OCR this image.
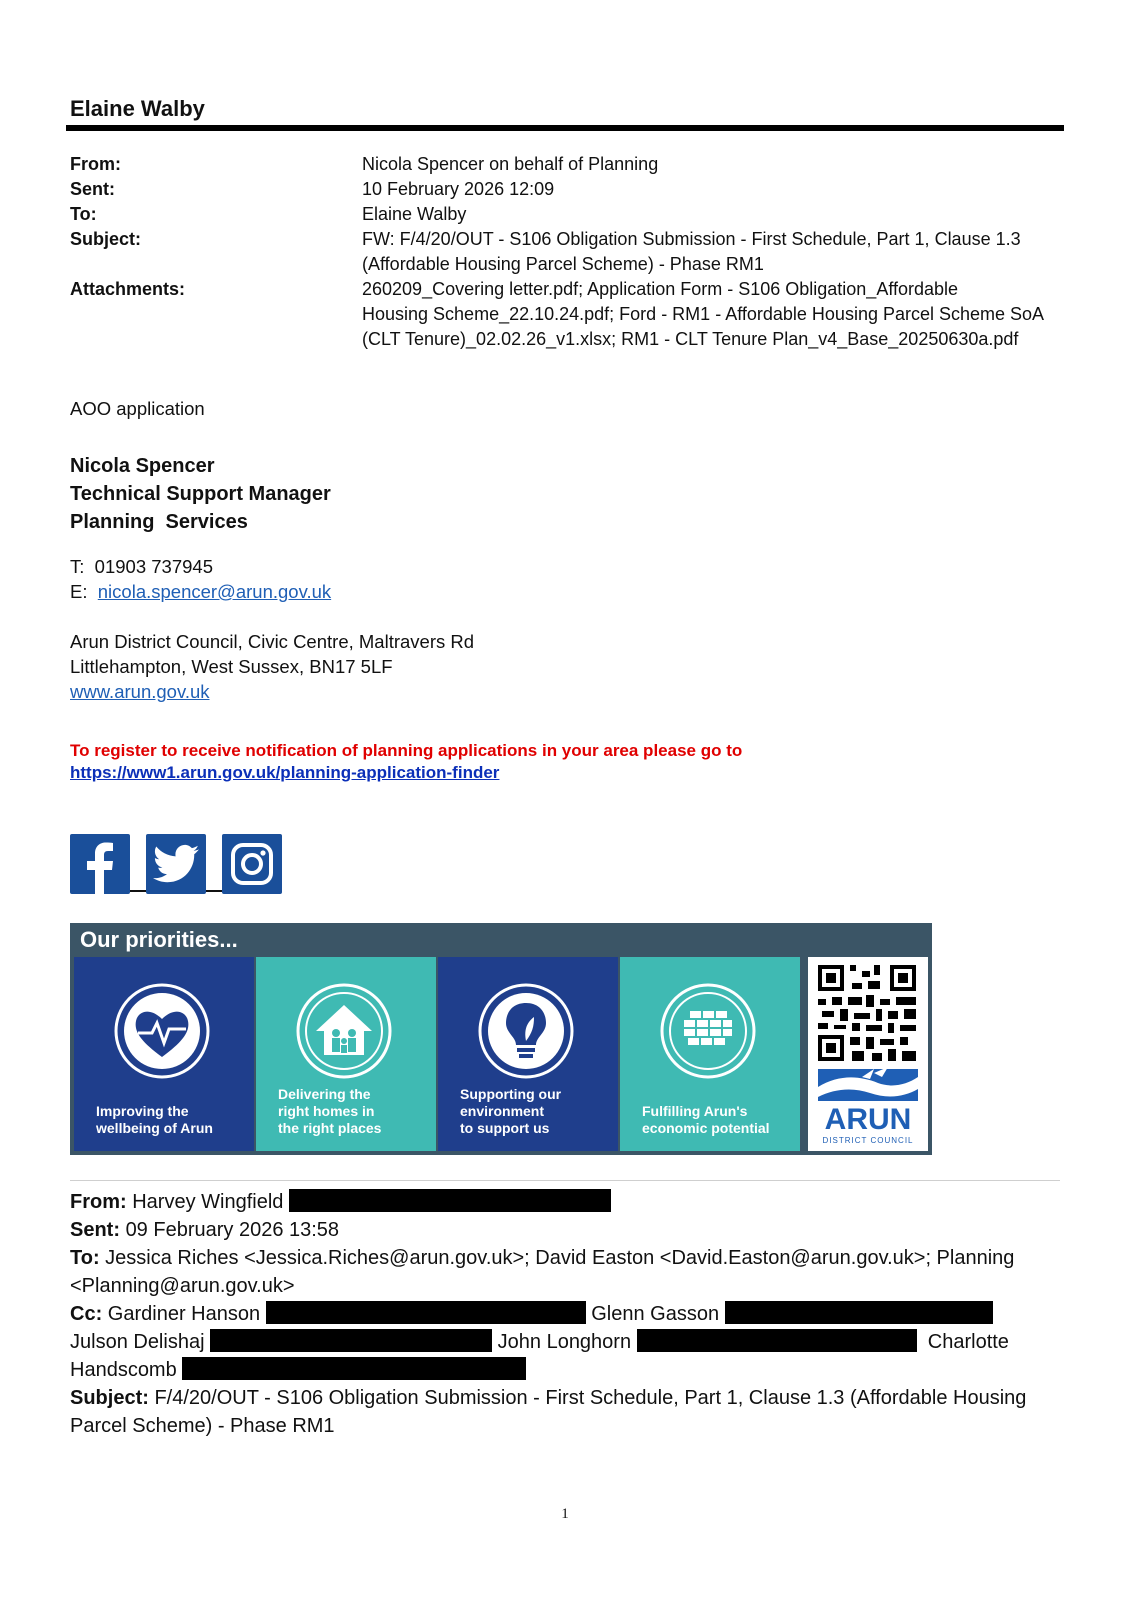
Elaine Walby
From:	Nicola Spencer on behalf of Planning
Sent:	10 February 2026 12:09
To:	Elaine Walby
Subject:	FW: F/4/20/OUT - S106 Obligation Submission - First Schedule, Part 1, Clause 1.3
(Affordable Housing Parcel Scheme) - Phase RM1
Attachments:	260209_Covering letter.pdf; Application Form - S106 Obligation_Affordable
Housing Scheme_22.10.24.pdf; Ford - RM1 - Affordable Housing Parcel Scheme SoA
(CLT Tenure)_02.02.26_v1.xlsx; RM1 - CLT Tenure Plan_v4_Base_20250630a.pdf
AOO application
Nicola Spencer
Technical Support Manager
Planning  Services
T: 01903 737945
E: nicola.spencer@arun.gov.uk
Arun District Council, Civic Centre, Maltravers Rd
Littlehampton, West Sussex, BN17 5LF
www.arun.gov.uk
To register to receive notification of planning applications in your area please go to
https://www1.arun.gov.uk/planning-application-finder
Our priorities...
Improving the
wellbeing of Arun
Delivering the
right homes in
the right places
Supporting our
environment
to support us
Fulfilling Arun's
economic potential ARUN
DISTRICT COUNCIL
From: Harvey Wingfield
Sent: 09 February 2026 13:58
To: Jessica Riches <Jessica.Riches@arun.gov.uk>; David Easton <David.Easton@arun.gov.uk>; Planning
<Planning@arun.gov.uk>
Cc: Gardiner Hanson	Glenn Gasson
Julson Delishaj	John Longhorn	Charlotte
Handscomb
Subject: F/4/20/OUT - S106 Obligation Submission - First Schedule, Part 1, Clause 1.3 (Affordable Housing
Parcel Scheme) - Phase RM1
1
